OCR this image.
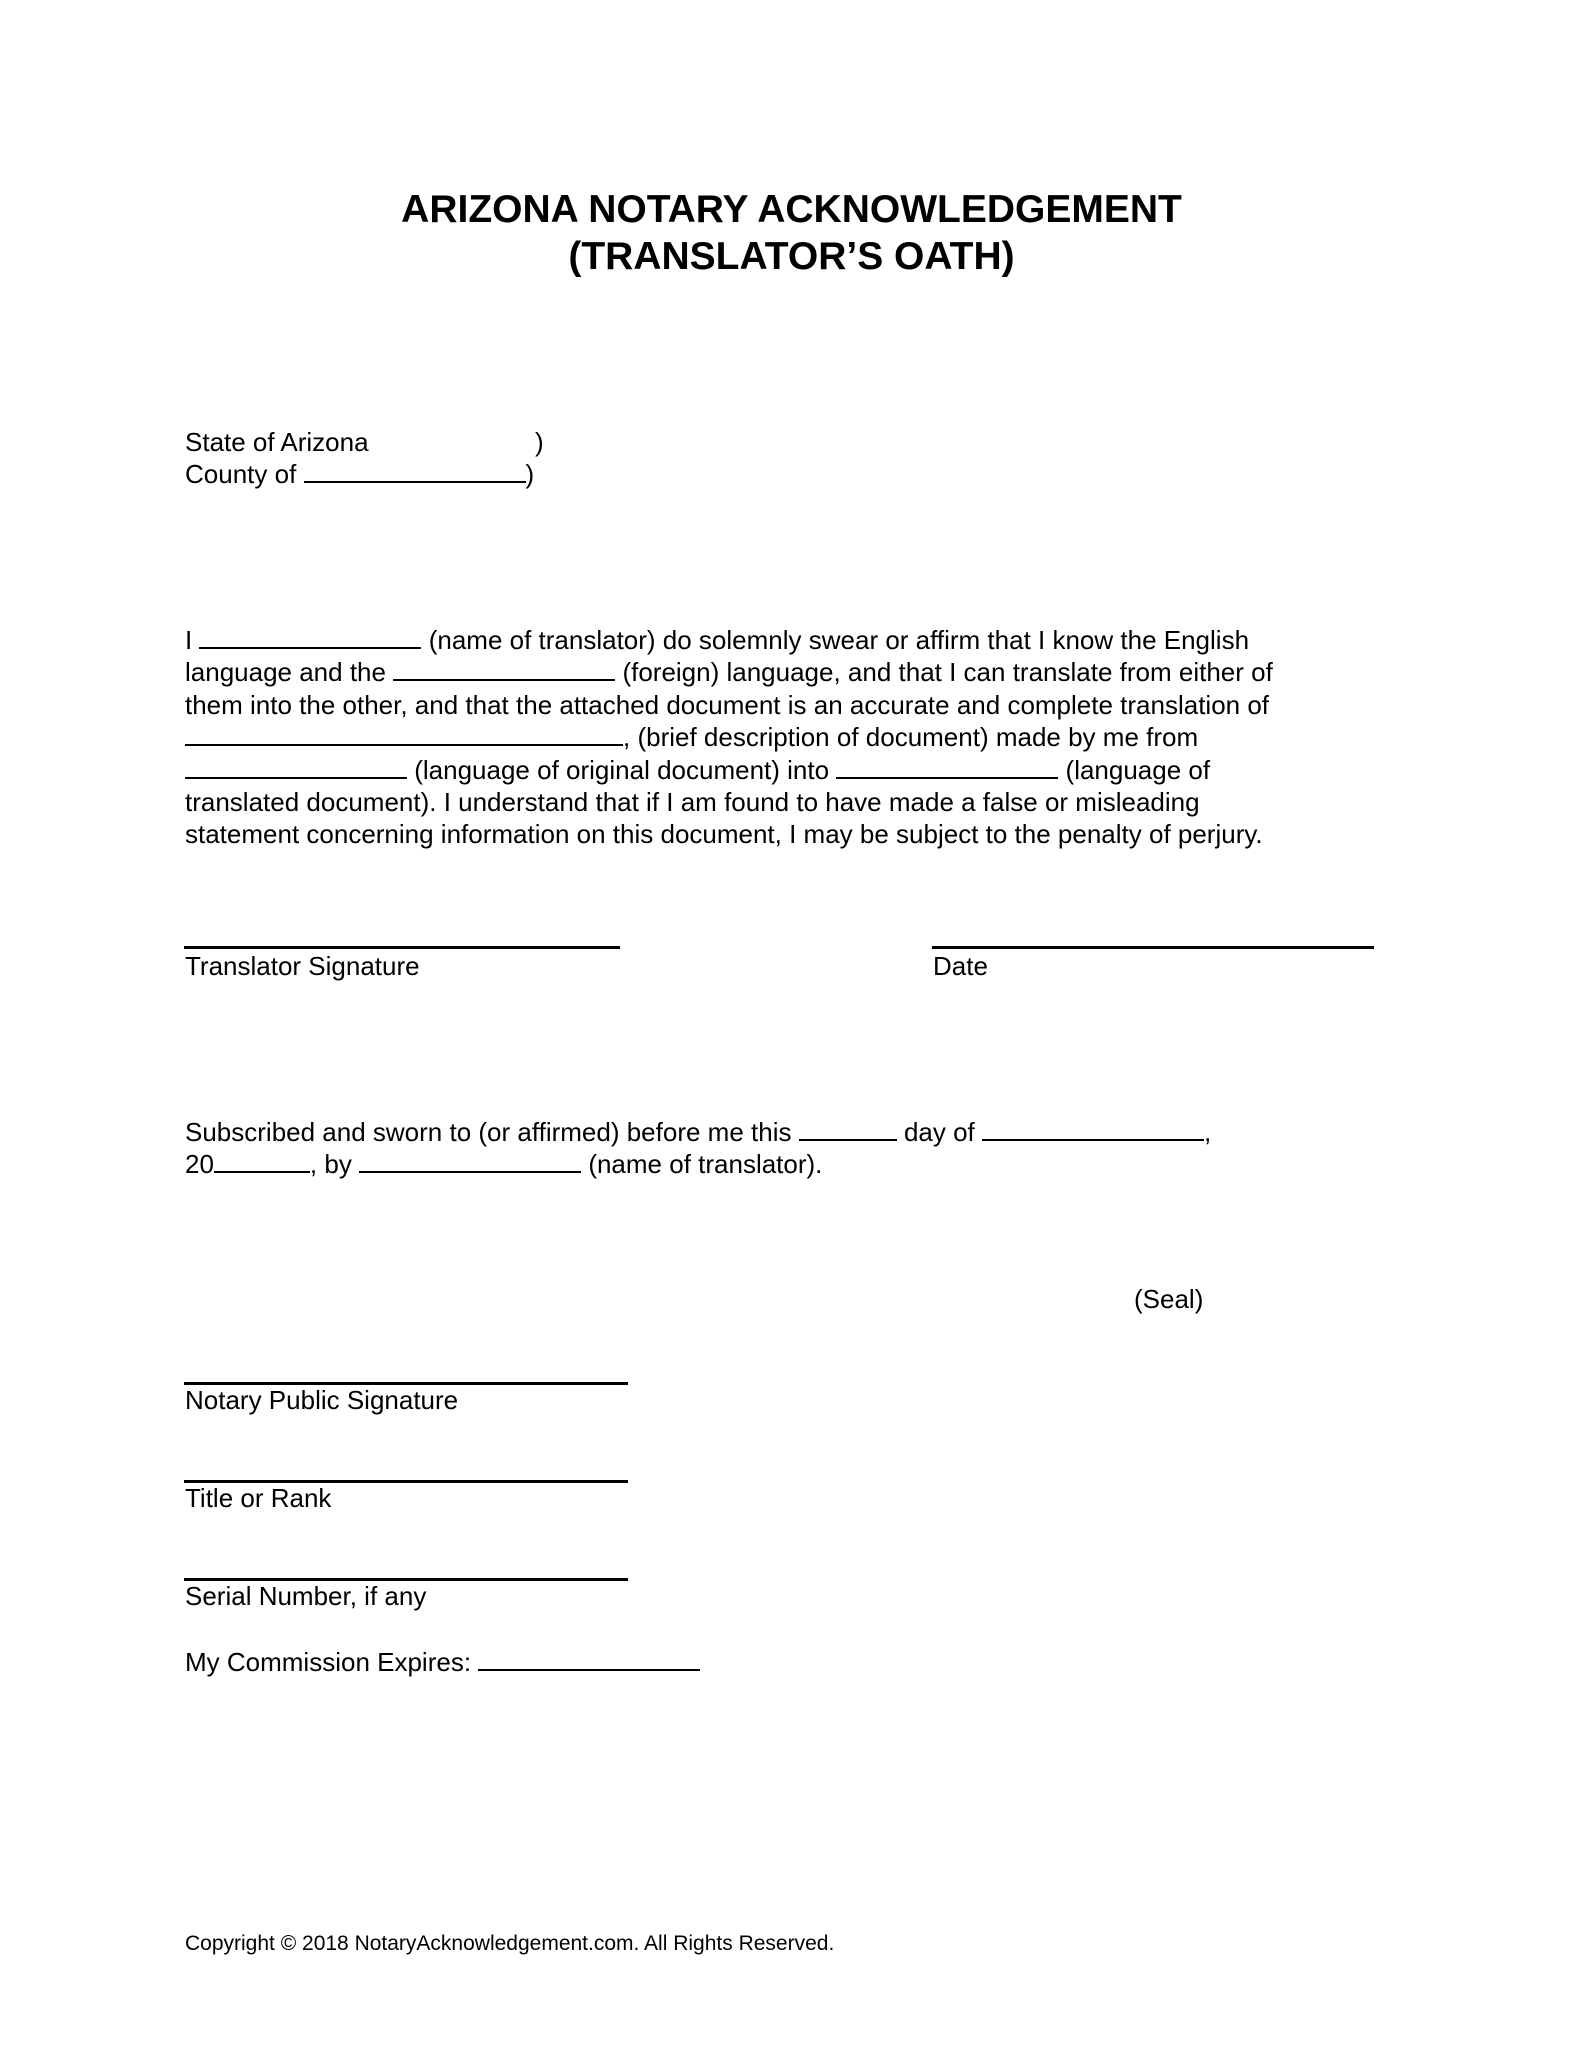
ARIZONA NOTARY ACKNOWLEDGEMENT
(TRANSLATOR’S OATH)
State of Arizona	)
County of	)
I	(name of translator) do solemnly swear or affirm that I know the English
language and the	(foreign) language, and that I can translate from either of
them into the other, and that the attached document is an accurate and complete translation of
, (brief description of document) made by me from
(language of original document) into	(language of
translated document). I understand that if I am found to have made a false or misleading
statement concerning information on this document, I may be subject to the penalty of perjury.
Translator Signature	Date
Subscribed and sworn to (or affirmed) before me this	day of	,
20	, by	(name of translator).
(Seal)
Notary Public Signature
Title or Rank
Serial Number, if any
My Commission Expires:
Copyright © 2018 NotaryAcknowledgement.com. All Rights Reserved.
